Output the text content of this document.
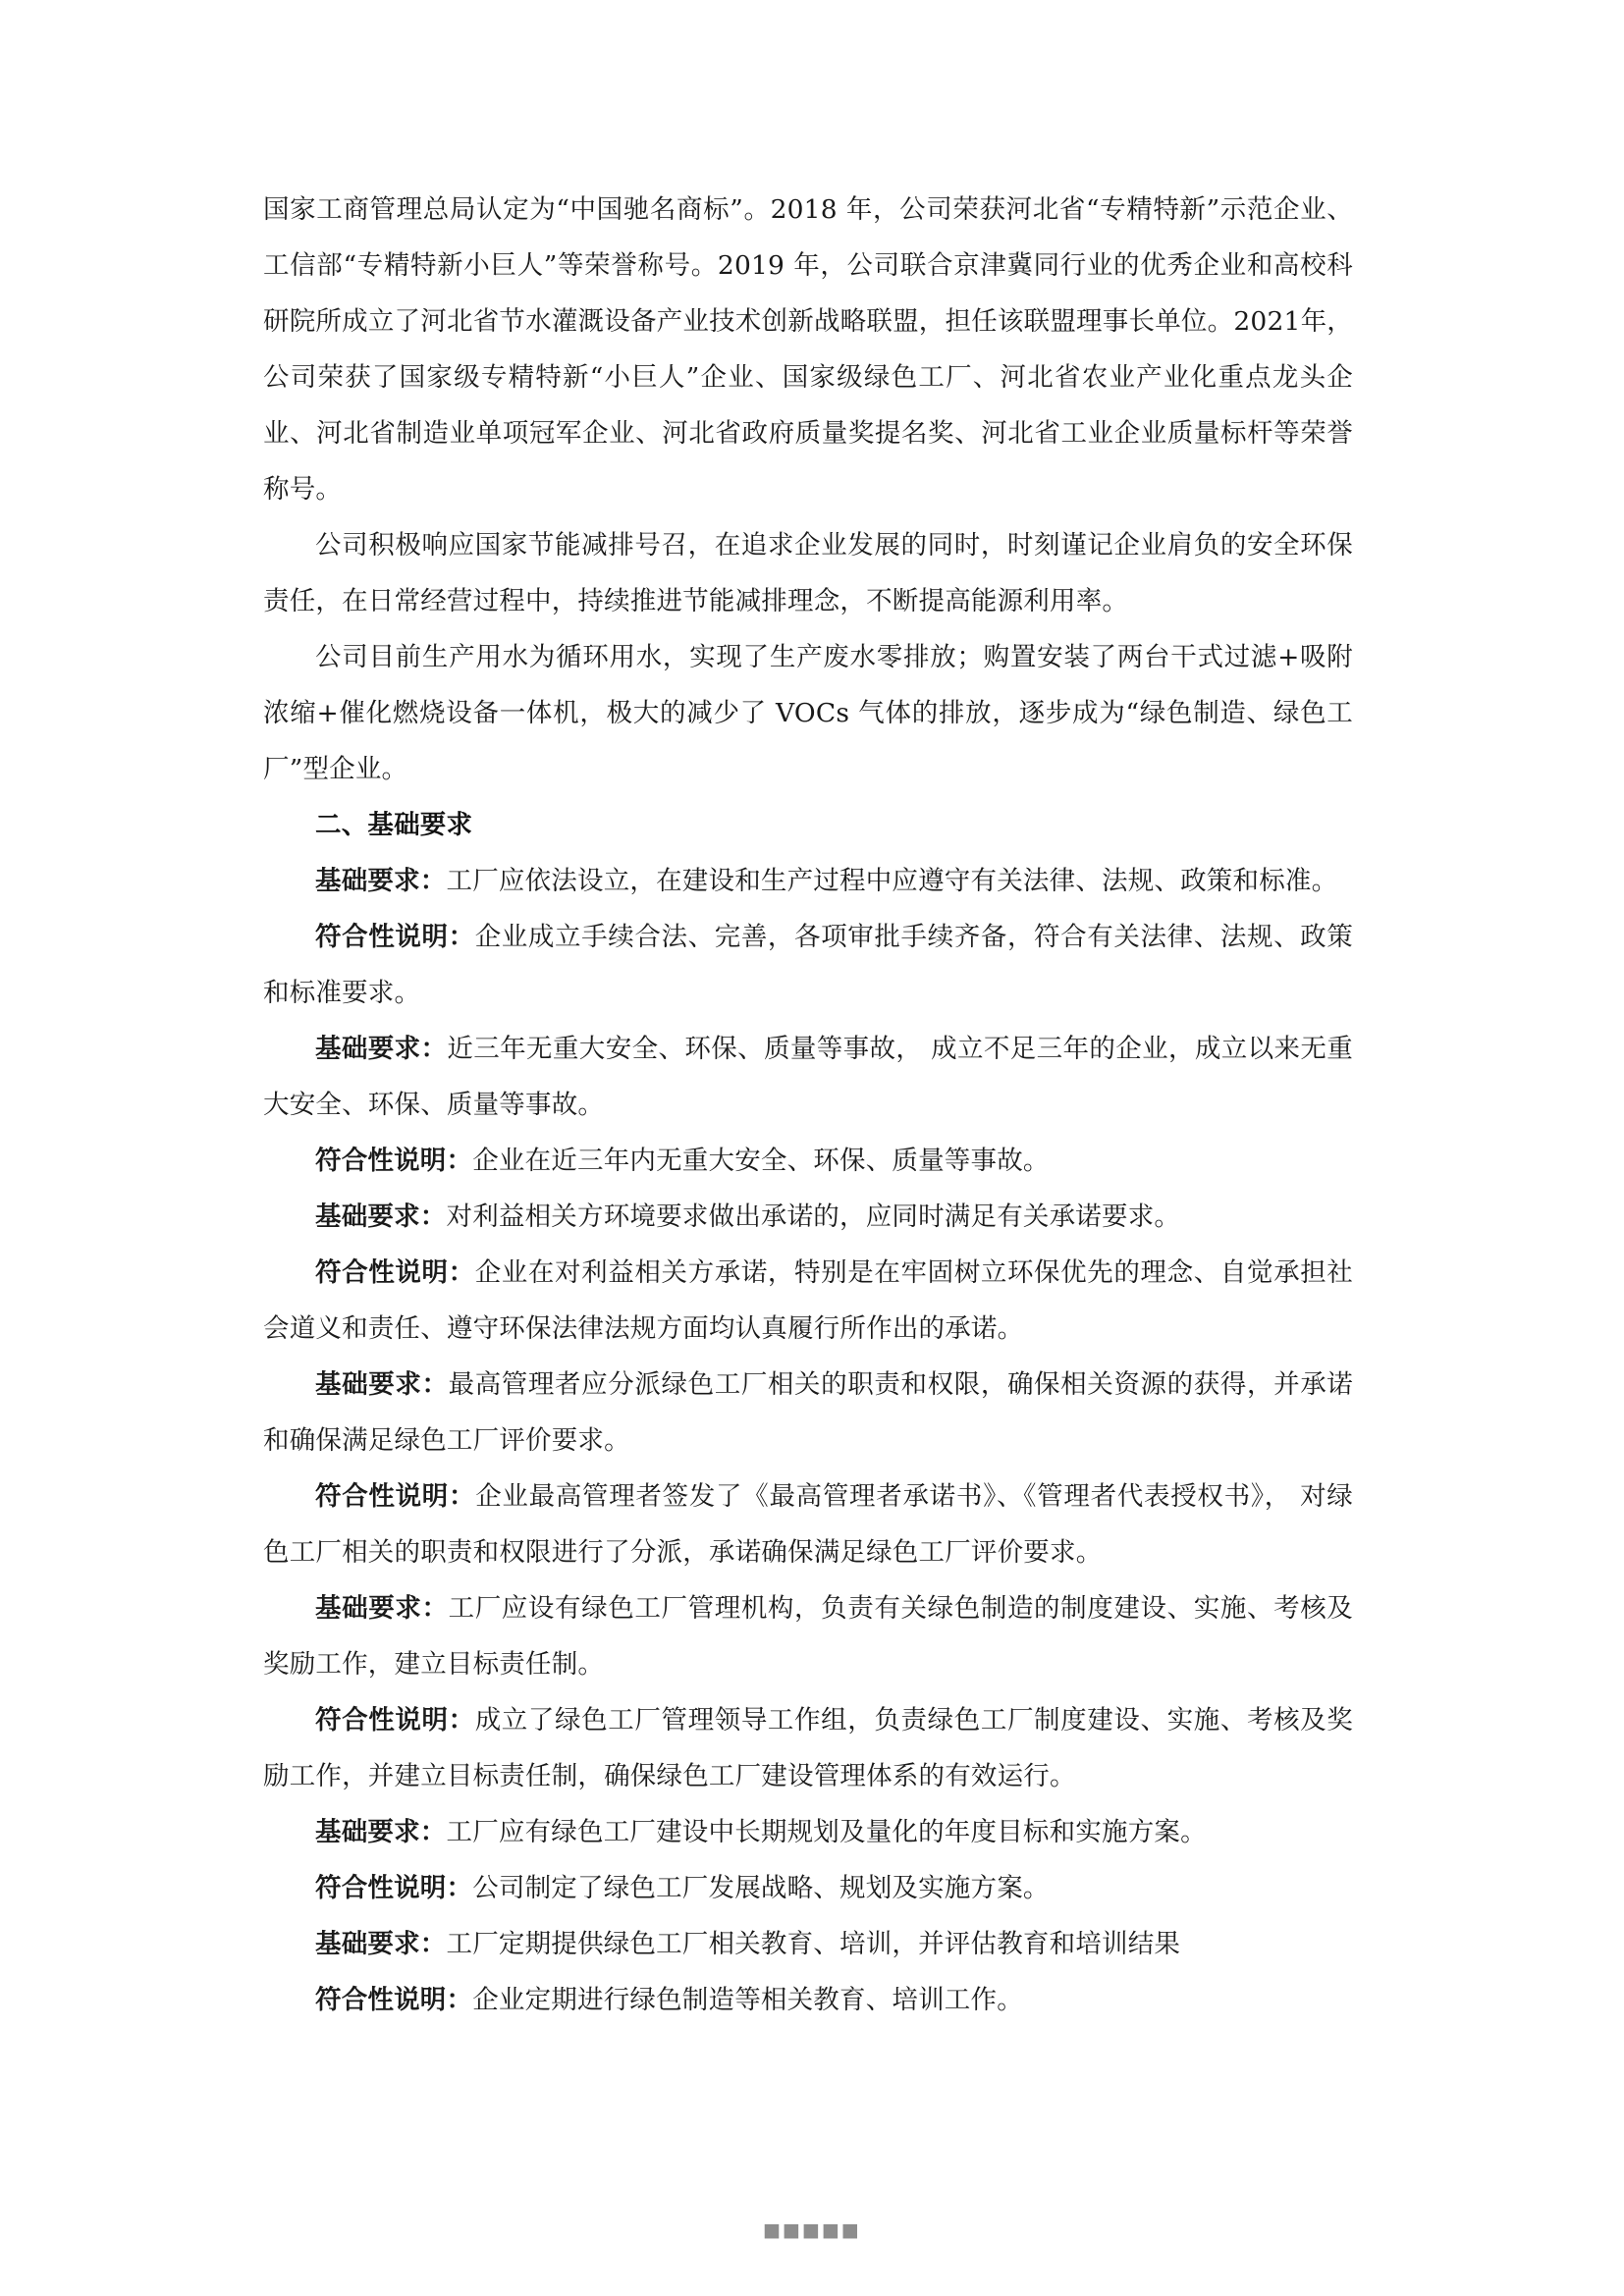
国家工商管理总局认定为“中国驰名商标”。2018 年，公司荣获河北省“专精特新”示范企业、工信部“专精特新小巨人”等荣誉称号。2019 年，公司联合京津冀同行业的优秀企业和高校科研院所成立了河北省节水灌溉设备产业技术创新战略联盟，担任该联盟理事长单位。2021年，公司荣获了国家级专精特新“小巨人”企业、国家级绿色工厂、河北省农业产业化重点龙头企业、河北省制造业单项冠军企业、河北省政府质量奖提名奖、河北省工业企业质量标杆等荣誉称号。

公司积极响应国家节能减排号召，在追求企业发展的同时，时刻谨记企业肩负的安全环保责任，在日常经营过程中，持续推进节能减排理念，不断提高能源利用率。

公司目前生产用水为循环用水，实现了生产废水零排放；购置安装了两台干式过滤+吸附浓缩+催化燃烧设备一体机，极大的减少了 VOCs 气体的排放，逐步成为“绿色制造、绿色工厂”型企业。

二、基础要求

基础要求：工厂应依法设立，在建设和生产过程中应遵守有关法律、法规、政策和标准。

符合性说明：企业成立手续合法、完善，各项审批手续齐备，符合有关法律、法规、政策和标准要求。

基础要求：近三年无重大安全、环保、质量等事故， 成立不足三年的企业，成立以来无重大安全、环保、质量等事故。

符合性说明：企业在近三年内无重大安全、环保、质量等事故。

基础要求：对利益相关方环境要求做出承诺的，应同时满足有关承诺要求。

符合性说明：企业在对利益相关方承诺，特别是在牢固树立环保优先的理念、自觉承担社会道义和责任、遵守环保法律法规方面均认真履行所作出的承诺。

基础要求：最高管理者应分派绿色工厂相关的职责和权限，确保相关资源的获得，并承诺和确保满足绿色工厂评价要求。

符合性说明：企业最高管理者签发了《最高管理者承诺书》、《管理者代表授权书》， 对绿色工厂相关的职责和权限进行了分派，承诺确保满足绿色工厂评价要求。

基础要求：工厂应设有绿色工厂管理机构，负责有关绿色制造的制度建设、实施、考核及奖励工作，建立目标责任制。

符合性说明：成立了绿色工厂管理领导工作组，负责绿色工厂制度建设、实施、考核及奖励工作，并建立目标责任制，确保绿色工厂建设管理体系的有效运行。

基础要求：工厂应有绿色工厂建设中长期规划及量化的年度目标和实施方案。

符合性说明：公司制定了绿色工厂发展战略、规划及实施方案。

基础要求：工厂定期提供绿色工厂相关教育、培训，并评估教育和培训结果

符合性说明：企业定期进行绿色制造等相关教育、培训工作。

■■■■■
